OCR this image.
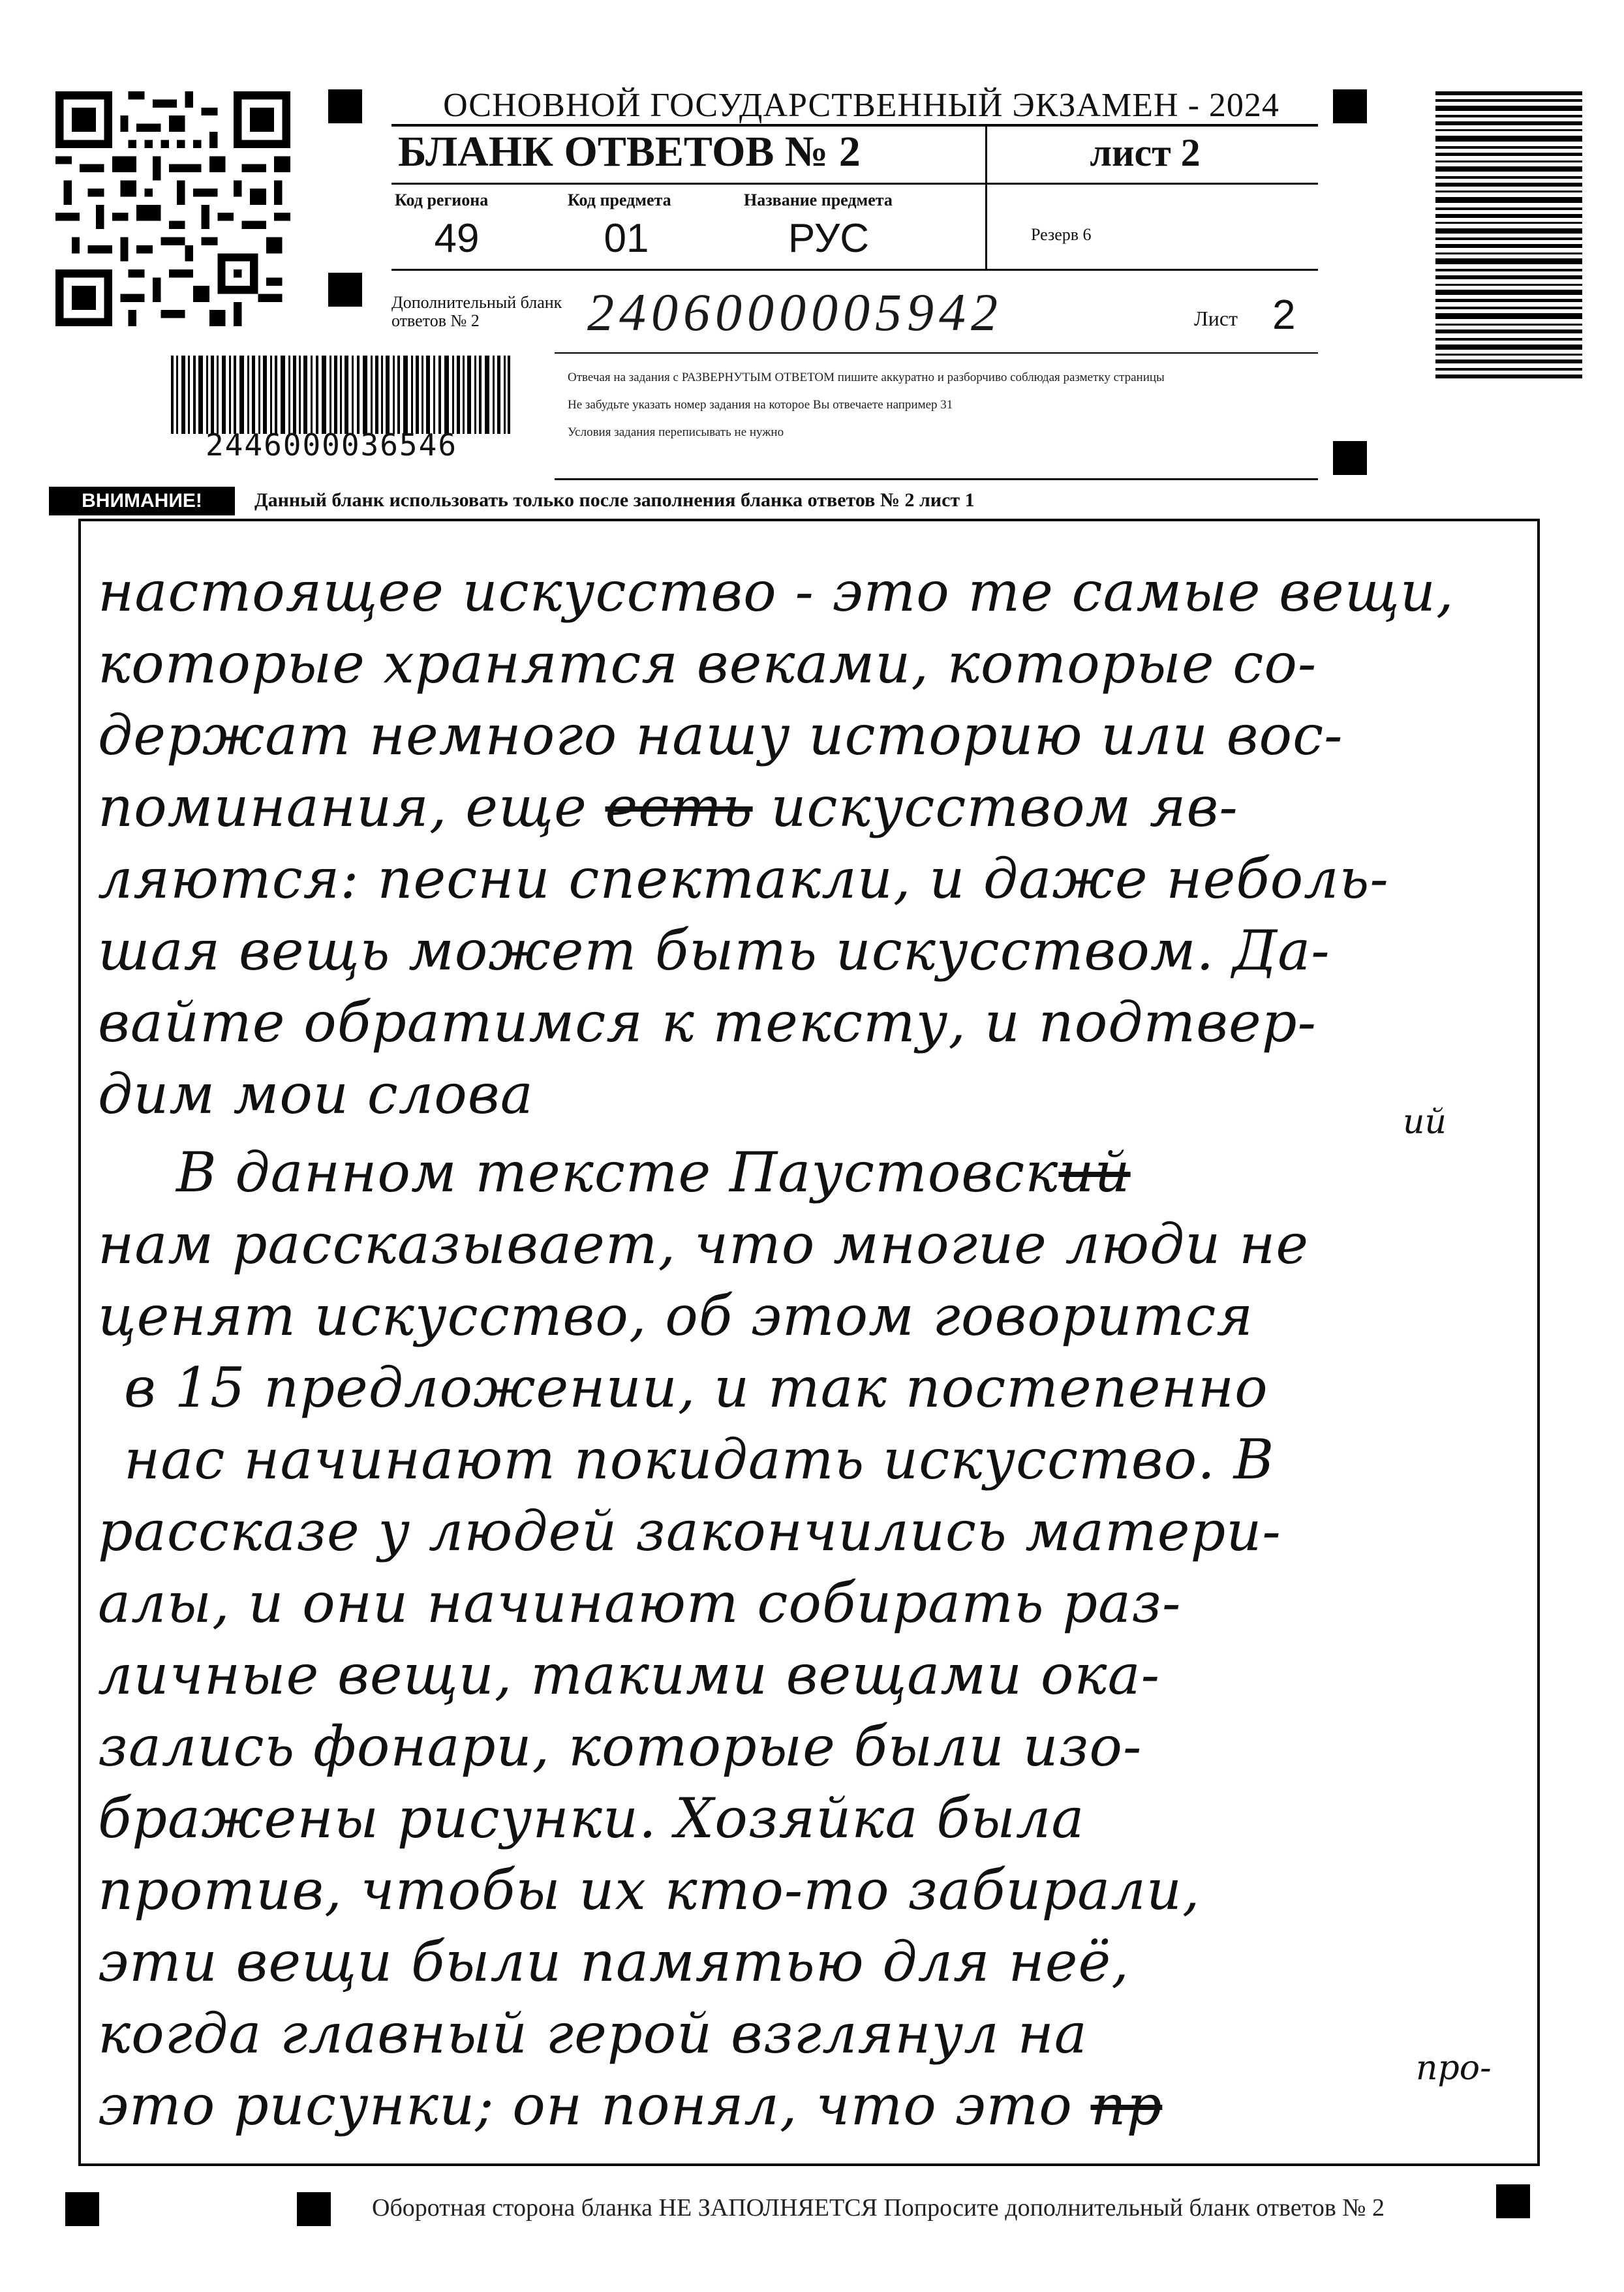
2446000036546
ОСНОВНОЙ ГОСУДАРСТВЕННЫЙ ЭКЗАМЕН - 2024
БЛАНК ОТВЕТОВ № 2	лист 2
Код региона
49
Код предмета
01
Название предмета
РУС	Резерв 6
Дополнительный бланк ответов № 2	2406000005942	Лист 2
Отвечая на задания с РАЗВЕРНУТЫМ ОТВЕТОМ пишите аккуратно и разборчиво соблюдая разметку страницы
Не забудьте указать номер задания на которое Вы отвечаете например 31
Условия задания переписывать не нужно
ВНИМАНИЕ!	Данный бланк использовать только после заполнения бланка ответов № 2 лист 1
настоящее искусство - это те самые вещи,
которые хранятся веками, которые со-
держат немного нашу историю или вос-
поминания, еще есть искусством яв-
ляются: песни спектакли, и даже неболь-
шая вещь может быть искусством. Да-
вайте обратимся к тексту, и подтвер-
дим мои слова	ий
В данном тексте Паустовский
нам рассказывает, что многие люди не
ценят искусство, об этом говорится
в 15 предложении, и так постепенно
нас начинают покидать искусство. В
рассказе у людей закончились матери-
алы, и они начинают собирать раз-
личные вещи, такими вещами ока-
зались фонари, которые были изо-
бражены рисунки. Хозяйка была
против, чтобы их кто-то забирали,
эти вещи были памятью для неё,
когда главный герой взглянул на
про-
это рисунки; он понял, что это пр
Оборотная сторона бланка НЕ ЗАПОЛНЯЕТСЯ Попросите дополнительный бланк ответов № 2
